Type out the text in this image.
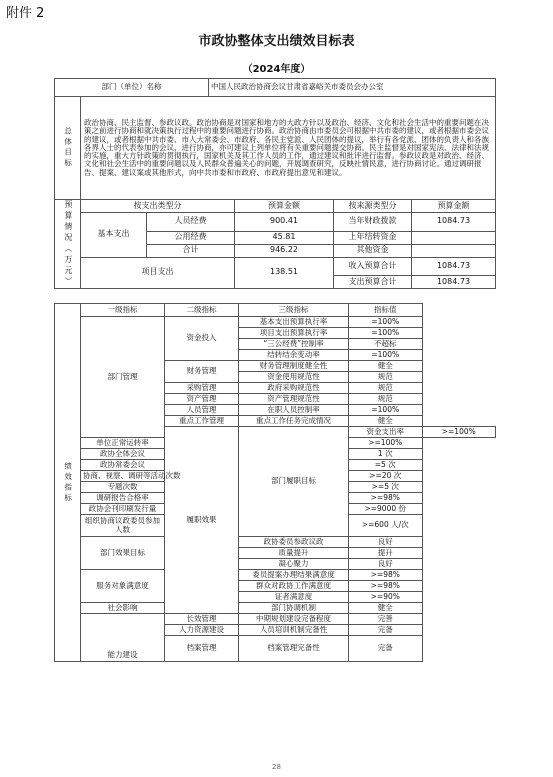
附件 2
市政协整体支出绩效目标表
（2024年度）
部门（单位）名称		中国人民政治协商会议甘肃省嘉峪关市委员会办公室
总体目标	政治协商、民主监督、参政议政。政治协商是对国家和地方的大政方针以及政治、经济、文化和社会生活中的重要问题在决策之前进行协商和就决策执行过程中的重要问题进行协商。政治协商由市委员会可根据中共市委的建议，或者根据市委会议的建议，或者根据中共市委、市人大常委会、市政府、各民主党派、人民团体的提议，举行有各党派、团体的负责人和各族各界人士的代表参加的会议，进行协商，亦可建议上列单位将有关重要问题提交协商。民主监督是对国家宪法、法律和法规的实施，重大方针政策的贯彻执行，国家机关及其工作人员的工作，通过建议和批评进行监督。参政议政是对政治、经济、文化和社会生活中的重要问题以及人民群众普遍关心的问题，开展调查研究，反映社情民意，进行协商讨论。通过调研报告、提案、建议案或其他形式，向中共市委和市政府、市政府提出意见和建议。	
预算情况（万元）	按支出类型分		预算金额	按来源类型分	预算金额
	基本支出	人员经费	900.41	当年财政拨款	1084.73
		公用经费	45.81	上年结转资金	
		合计	946.22	其他资金	
	项目支出		138.51	收入预算合计	1084.73
				支出预算合计	1084.73
绩效指标	一级指标	二级指标	三级指标	指标值	
	部门管理	资金投入	基本支出预算执行率	=100%	
			项目支出预算执行率	=100%	
			“三公经费”控制率	不超标	
			结转结余变动率	=100%	
		财务管理	财务管理制度健全性	健全	
			资金使用规范性	规范	
		采购管理	政府采购规范性	规范	
		资产管理	资产管理规范性	规范	
		人员管理	在职人员控制率	=100%	
		重点工作管理	重点工作任务完成情况	健全	
		履职效果	部门履职目标	资金支出率	>=100%
	单位正常运转率			>=100%	
	政协全体会议			1 次	
	政协常委会议			=5 次	
	协商、视察、调研等活动次数			>=20 次	
	专题次数			>=5 次	
	调研报告合格率			>=98%	
	政协会刊印刷发行量			>=9000 份	
	组织协商议政委员参加人数			>=600 人/次	
	部门效果目标		政协委员参政议政	良好	
			质量提升	提升	
			凝心聚力	良好	
	服务对象满意度		委员提案办理结果满意度	>=98%	
			群众对政协工作满意度	>=98%	
			证者满意度	>=90%	
	社会影响		部门协调机制	健全	
	能力建设	长效管理	中期规划建设完备程度	完善	
		人力资源建设	人员培训机制完备性	完备	
		档案管理	档案管理完备性	完备	
28
